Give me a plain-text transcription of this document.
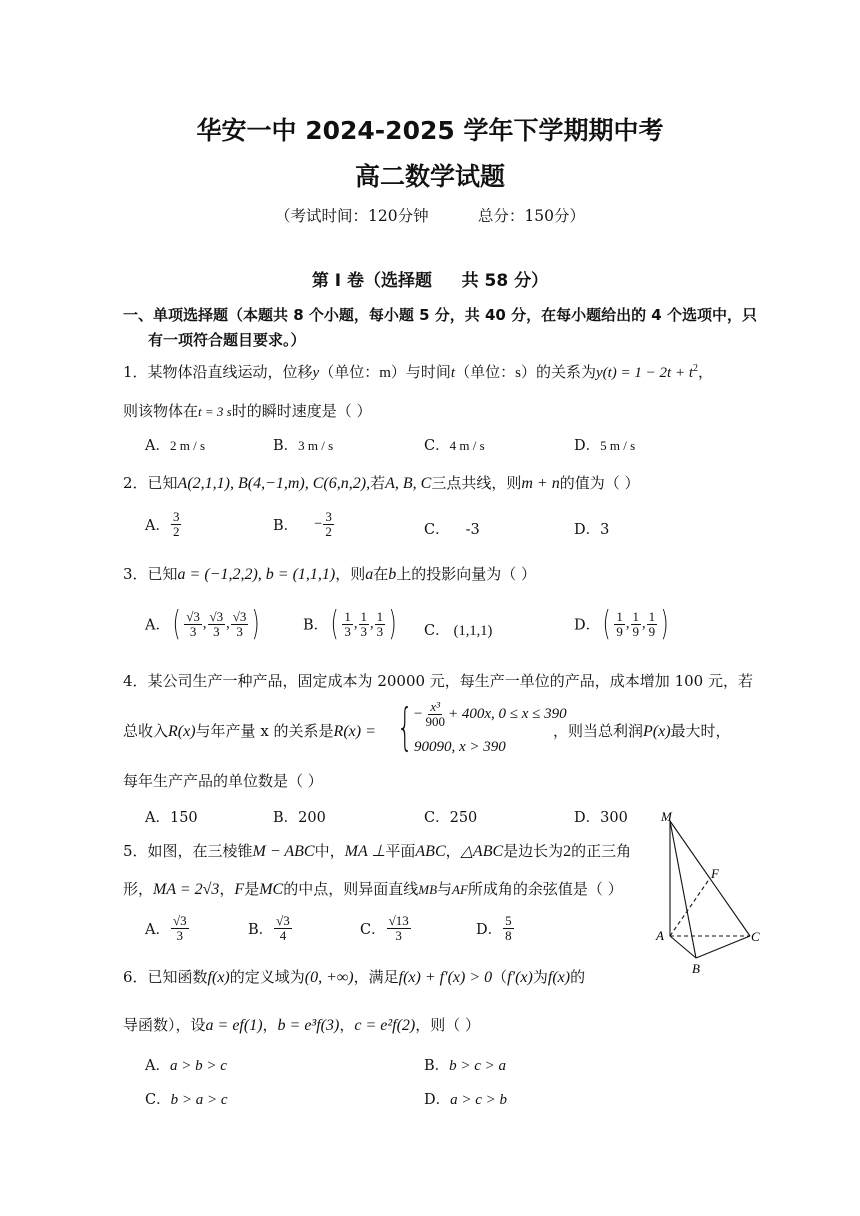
华安一中 2024-2025 学年下学期期中考
高二数学试题
（考试时间：120分钟          总分：150分）
第 I 卷（选择题     共 58 分）
一、单项选择题（本题共 8 个小题，每小题 5 分，共 40 分，在每小题给出的 4 个选项中，只
有一项符合题目要求。）
1．某物体沿直线运动，位移y（单位：m）与时间t（单位：s）的关系为$y(t) = 1 - 2t + t^2$，
则该物体在t = 3 s时的瞬时速度是（ ）
A．2 m / s	B．3 m / s	C．4 m / s	D．5 m / s
2．已知A(2,1,1), B(4,−1,m), C(6,n,2),若A, B, C三点共线，则m + n的值为（ ）
A． $\frac{3}{2}$	B． − $\frac{3}{2}$	C． -3	D．3
3．已知a = (−1,2,2), b = (1,1,1)，则a在b上的投影向量为（ ）
A．( $\frac{√3}{3}$ , $\frac{√3}{3}$ , $\frac{√3}{3}$ )	B．( $\frac{1}{3}$ , $\frac{1}{3}$ , $\frac{1}{3}$ ) C． (1,1,1)	D．( $\frac{1}{9}$ , $\frac{1}{9}$ , $\frac{1}{9}$ )
4．某公司生产一种产品，固定成本为 20000 元，每生产一单位的产品，成本增加 100 元，若
总收入R(x)与年产量 x 的关系是R(x) = { − $\frac{\text{x³}}{900} + 400x$, 0 ≤ x ≤ 390
90090, x > 390
，则当总利润P(x)最大时，
每年生产产品的单位数是（ ）
A．150	B．200	C．250	D．300
5．如图，在三棱锥M − ABC中，MA ⊥平面ABC，△ABC是边长为2的正三角
形，MA = 2√3，F是MC的中点，则异面直线MB与AF所成角的余弦值是（ ）
A． $\frac{√3}{3}$	B． $\frac{√3}{4}$	C． $\frac{√13}{3}$	D． $\frac{5}{8}$
M
F
A
B
C
6．已知函数f(x)的定义域为(0, +∞)，满足f(x) + f′(x) > 0（f′(x)为f(x)的
导函数），设a = ef(1)，b = e³f(3)，c = e²f(2)，则（ ）
A．a > b > c	B．b > c > a
C．b > a > c	D．a > c > b
